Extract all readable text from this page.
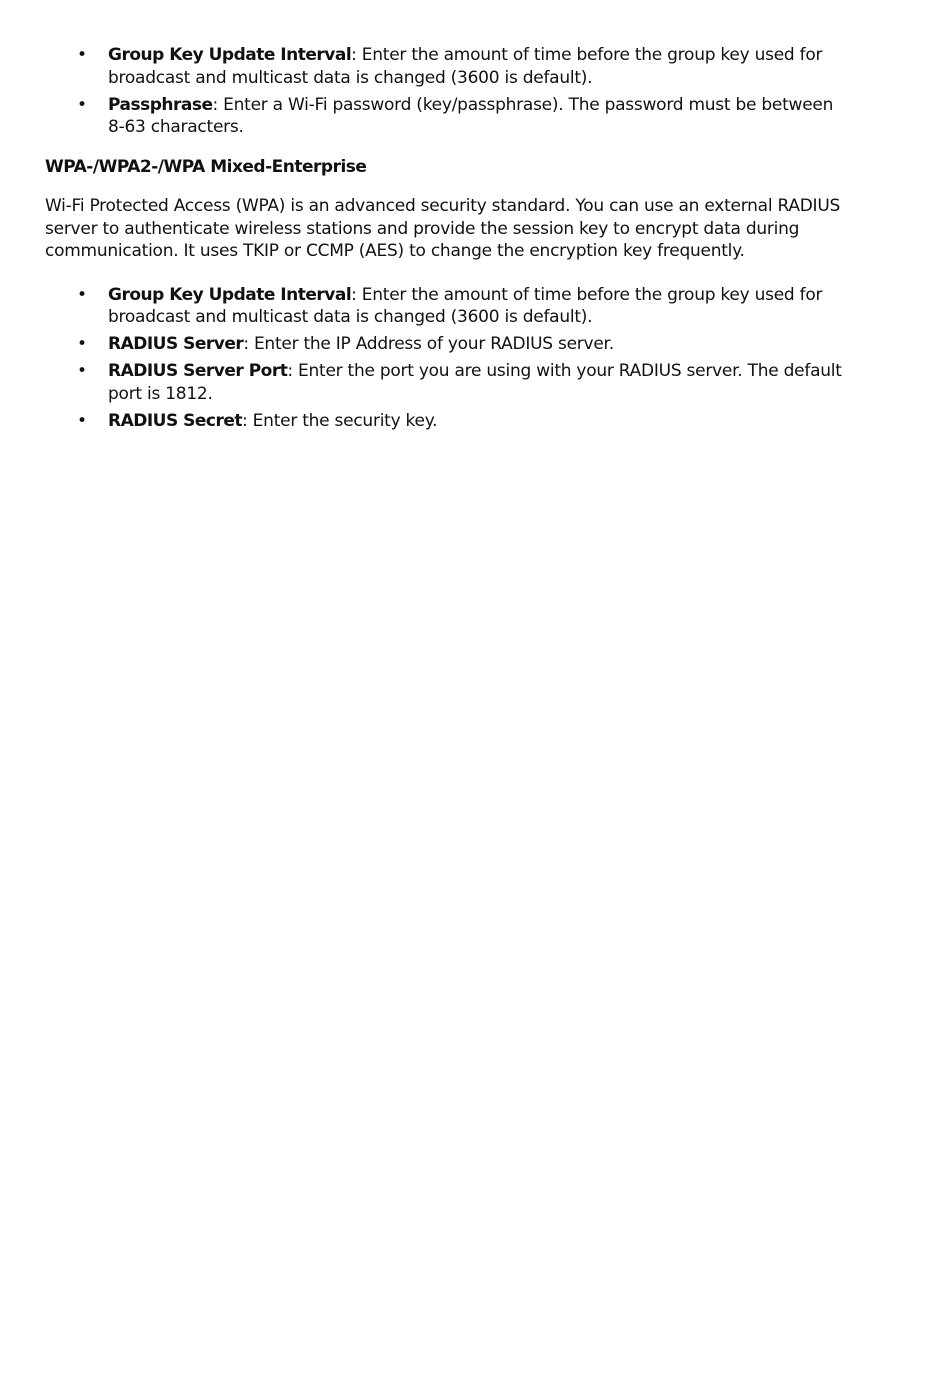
• Group Key Update Interval: Enter the amount of time before the group key used for broadcast and multicast data is changed (3600 is default).
• Passphrase: Enter a Wi-Fi password (key/passphrase). The password must be between 8-63 characters.
WPA-/WPA2-/WPA Mixed-Enterprise

Wi-Fi Protected Access (WPA) is an advanced security standard. You can use an external RADIUS server to authenticate wireless stations and provide the session key to encrypt data during communication. It uses TKIP or CCMP (AES) to change the encryption key frequently.

• Group Key Update Interval: Enter the amount of time before the group key used for broadcast and multicast data is changed (3600 is default).
• RADIUS Server: Enter the IP Address of your RADIUS server.
• RADIUS Server Port: Enter the port you are using with your RADIUS server. The default port is 1812.
• RADIUS Secret: Enter the security key.
